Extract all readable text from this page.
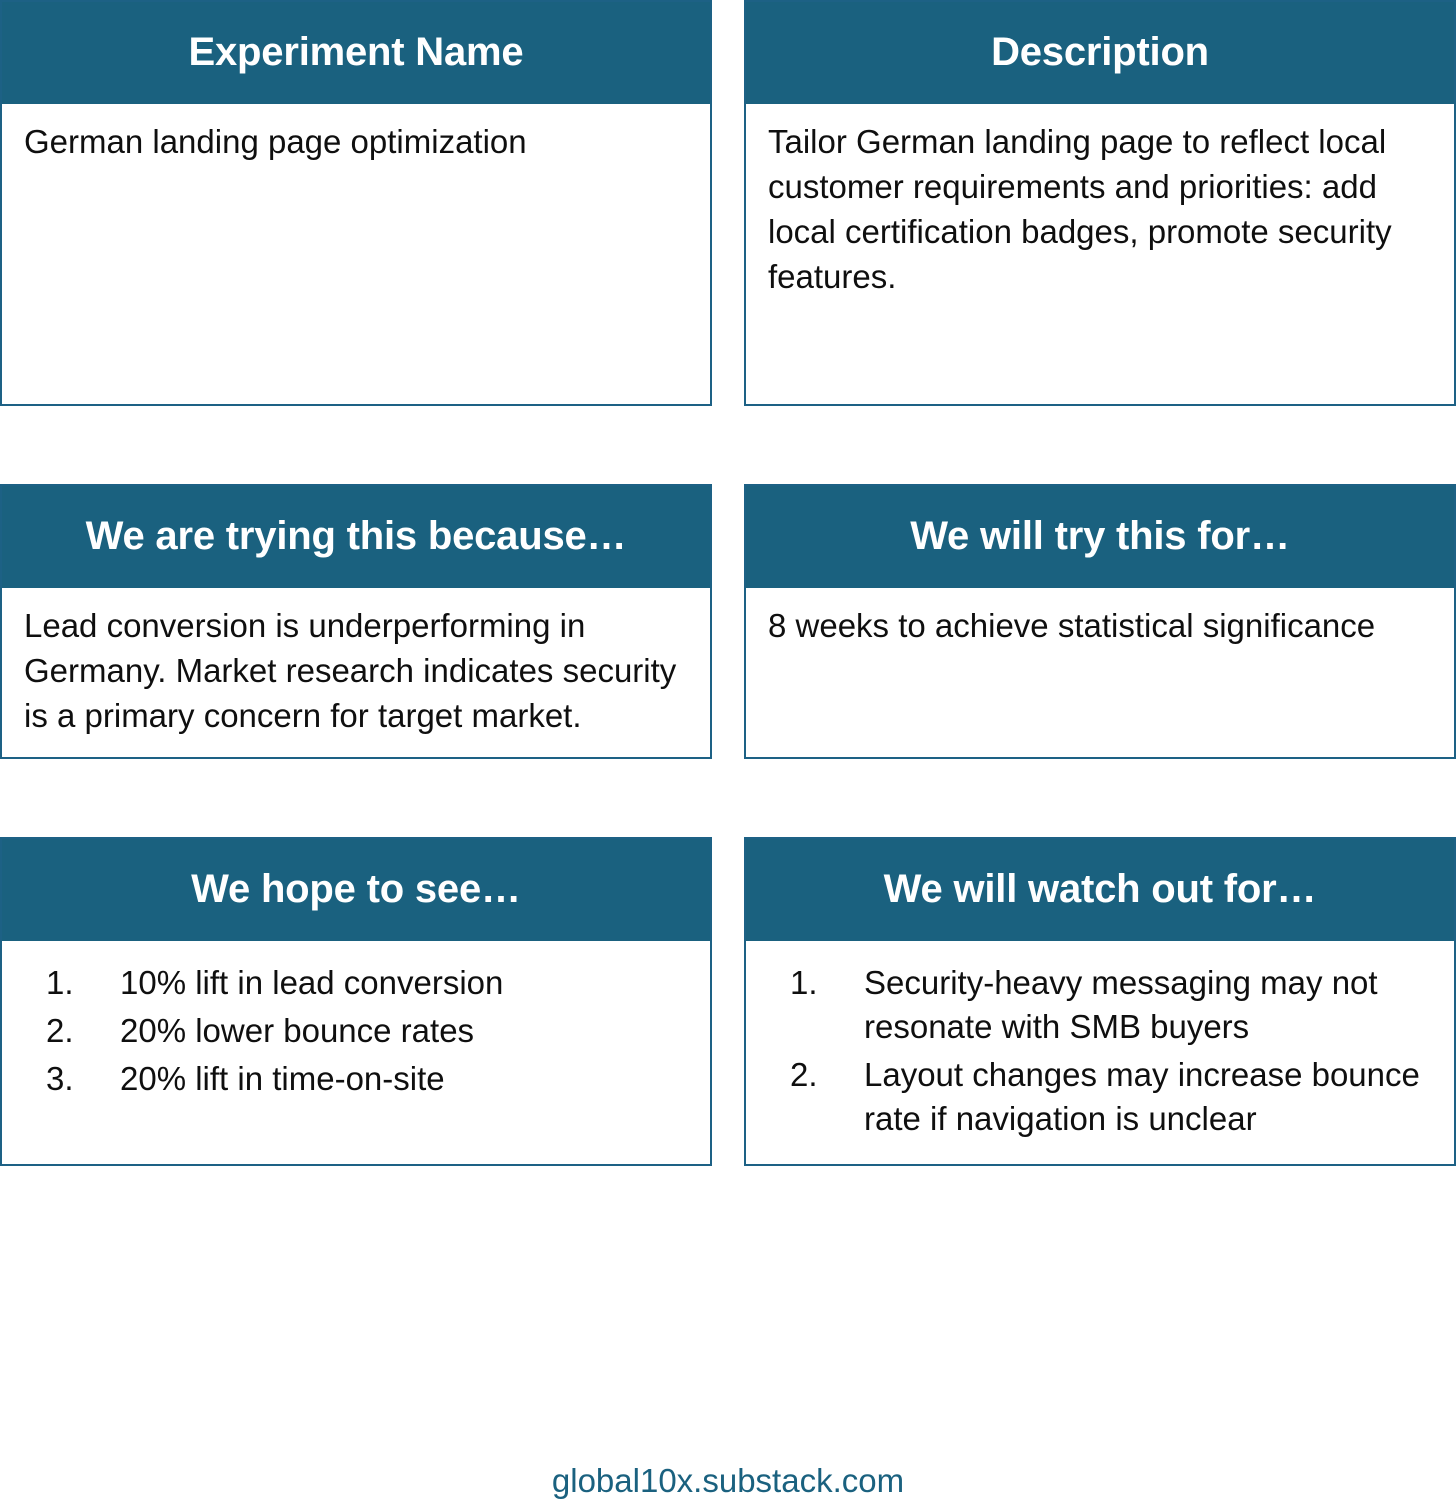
Experiment Name
German landing page optimization
Description
Tailor German landing page to reflect local customer requirements and priorities: add local certification badges, promote security features.
We are trying this because…
Lead conversion is underperforming in Germany. Market research indicates security is a primary concern for target market.
We will try this for…
8 weeks to achieve statistical significance
We hope to see…
10% lift in lead conversion
20% lower bounce rates
20% lift in time-on-site
We will watch out for…
Security-heavy messaging may not resonate with SMB buyers
Layout changes may increase bounce rate if navigation is unclear
global10x.substack.com
